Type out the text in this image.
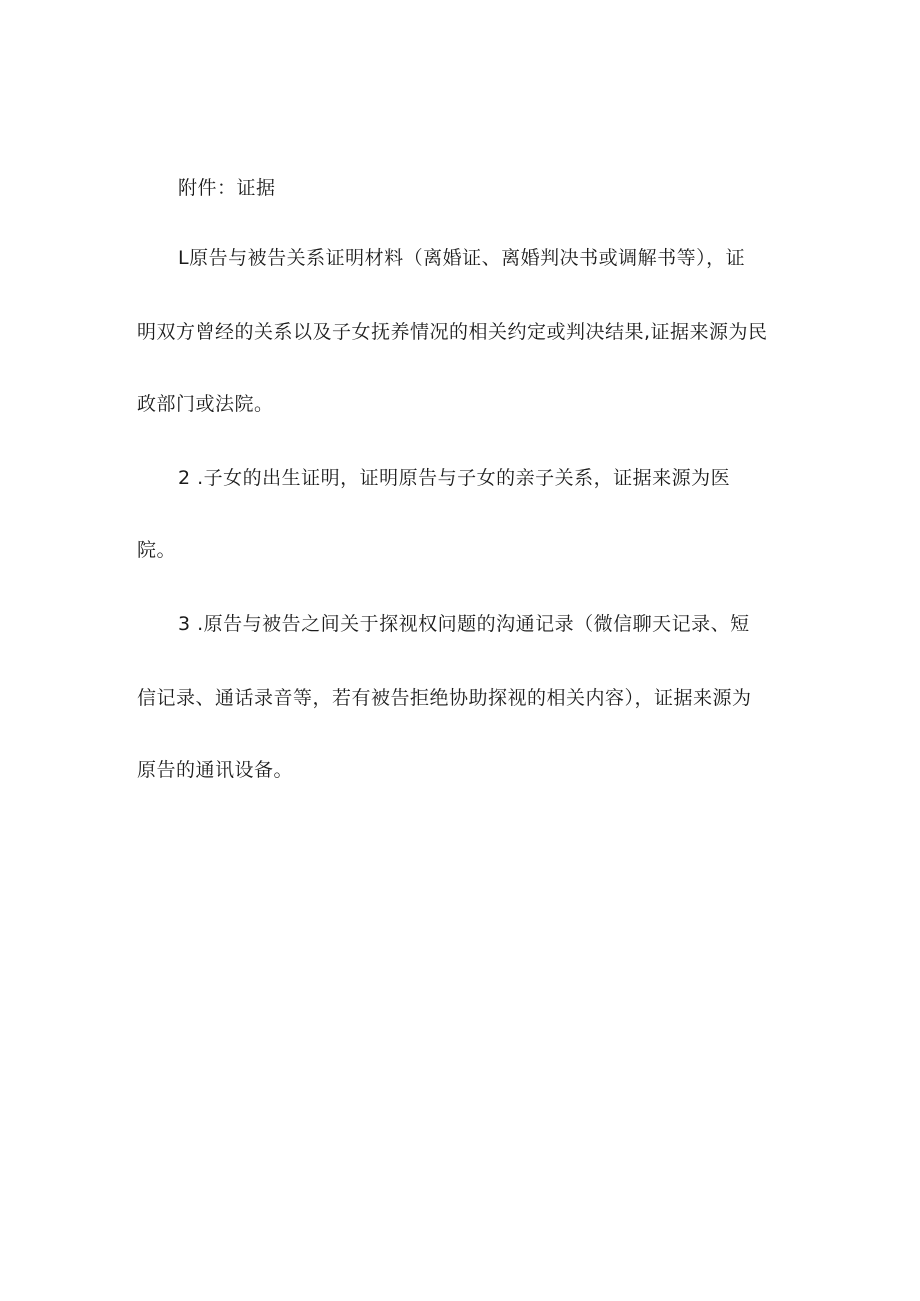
附件：证据
L原告与被告关系证明材料（离婚证、离婚判决书或调解书等），证
明双方曾经的关系以及子女抚养情况的相关约定或判决结果,证据来源为民
政部门或法院。
2 .子女的出生证明，证明原告与子女的亲子关系，证据来源为医
院。
3 .原告与被告之间关于探视权问题的沟通记录（微信聊天记录、短
信记录、通话录音等，若有被告拒绝协助探视的相关内容），证据来源为
原告的通讯设备。
